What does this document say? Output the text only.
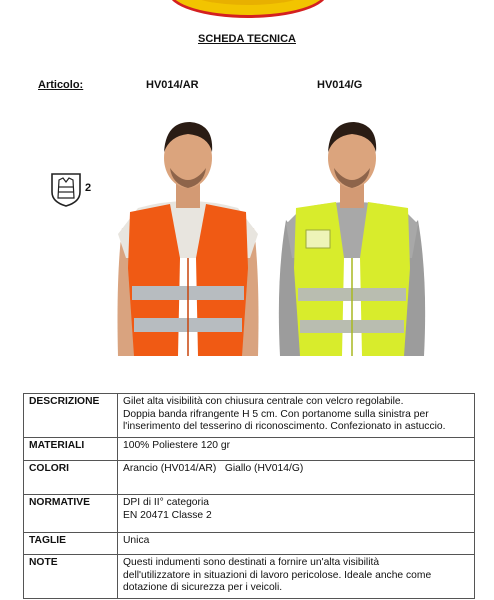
SCHEDA TECNICA
Articolo:	HV014/AR	HV014/G
2
DESCRIZIONE	Gilet alta visibilità con chiusura centrale con velcro regolabile.
Doppia banda rifrangente H 5 cm. Con portanome sulla sinistra per
l'inserimento del tesserino di riconoscimento. Confezionato in astuccio.

MATERIALI	100% Poliestere 120 gr

COLORI	Arancio (HV014/AR)   Giallo (HV014/G)

NORMATIVE	DPI di II° categoria
EN 20471 Classe 2

TAGLIE	Unica

NOTE	Questi indumenti sono destinati a fornire un'alta visibilità
dell'utilizzatore in situazioni di lavoro pericolose. Ideale anche come
dotazione di sicurezza per i veicoli.
